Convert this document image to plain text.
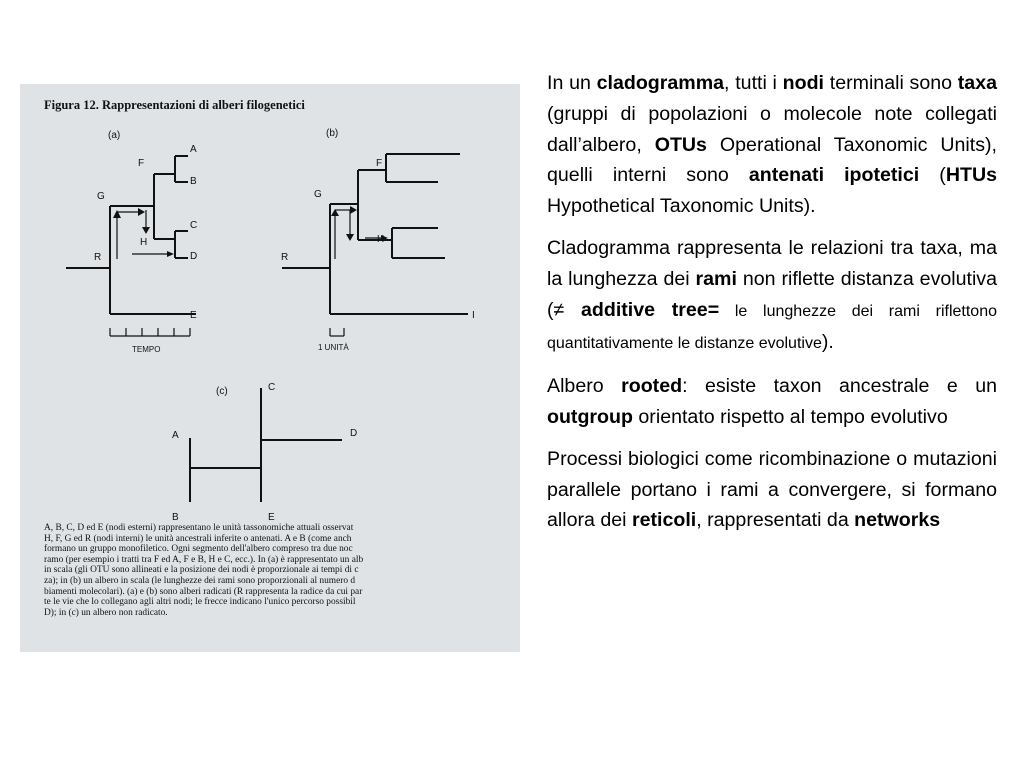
Figura 12. Rappresentazioni di alberi filogenetici
(a)	(b)
(c)
A
B
C
D
E
F
G
H
R
TEMPO
F
G
H
R
I
1 UNITÀ
A
B
C
D
E
A, B, C, D ed E (nodi esterni) rappresentano le unità tassonomiche attuali osservat
H, F, G ed R (nodi interni) le unità ancestrali inferite o antenati. A e B (come anch
formano un gruppo monofiletico. Ogni segmento dell'albero compreso tra due noc
ramo (per esempio i tratti tra F ed A, F e B, H e C, ecc.). In (a) è rappresentato un alb
in scala (gli OTU sono allineati e la posizione dei nodi è proporzionale ai tempi di c
za); in (b) un albero in scala (le lunghezze dei rami sono proporzionali al numero d
biamenti molecolari). (a) e (b) sono alberi radicati (R rappresenta la radice da cui par
te le vie che lo collegano agli altri nodi; le frecce indicano l'unico percorso possibil
D); in (c) un albero non radicato.

In un cladogramma, tutti i nodi terminali sono taxa (gruppi di popolazioni o molecole note collegati dall’albero, OTUs Operational Taxonomic Units), quelli interni sono antenati ipotetici (HTUs Hypothetical Taxonomic Units).

Cladogramma rappresenta le relazioni tra taxa, ma la lunghezza dei rami non riflette distanza evolutiva (≠ additive tree= le lunghezze dei rami riflettono quantitativamente le distanze evolutive).

Albero rooted: esiste taxon ancestrale e un outgroup orientato rispetto al tempo evolutivo

Processi biologici come ricombinazione o mutazioni parallele portano i rami a convergere, si formano allora dei reticoli, rappresentati da networks
